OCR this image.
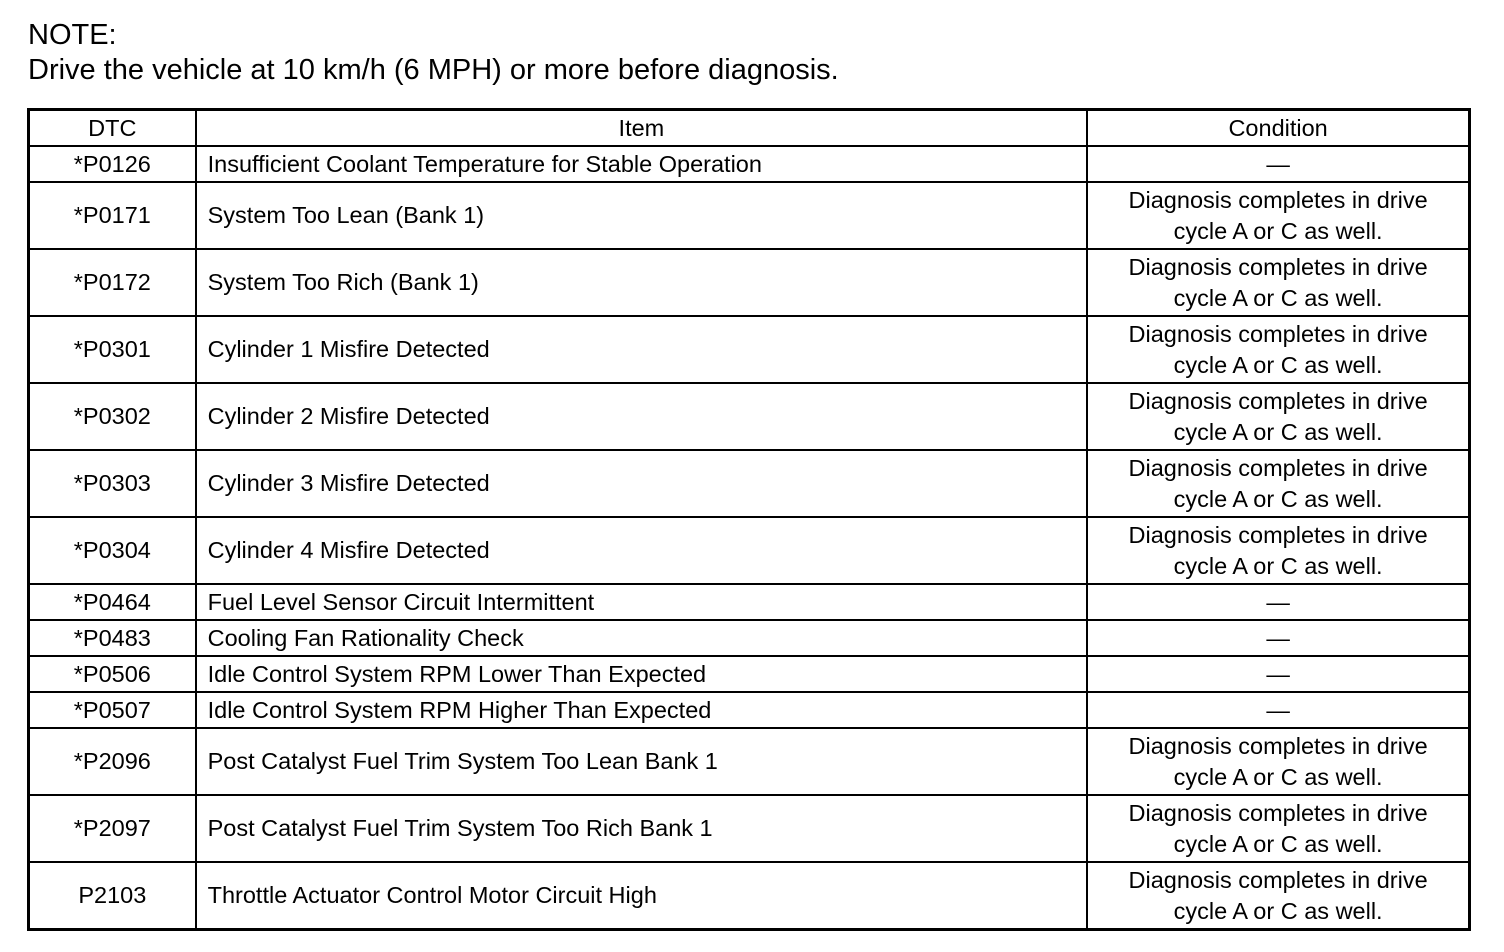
NOTE:
Drive the vehicle at 10 km/h (6 MPH) or more before diagnosis.
DTC	Item	Condition
*P0126	Insufficient Coolant Temperature for Stable Operation	—
*P0171	System Too Lean (Bank 1)	Diagnosis completes in drive
cycle A or C as well.
*P0172	System Too Rich (Bank 1)	Diagnosis completes in drive
cycle A or C as well.
*P0301	Cylinder 1 Misfire Detected	Diagnosis completes in drive
cycle A or C as well.
*P0302	Cylinder 2 Misfire Detected	Diagnosis completes in drive
cycle A or C as well.
*P0303	Cylinder 3 Misfire Detected	Diagnosis completes in drive
cycle A or C as well.
*P0304	Cylinder 4 Misfire Detected	Diagnosis completes in drive
cycle A or C as well.
*P0464	Fuel Level Sensor Circuit Intermittent	—
*P0483	Cooling Fan Rationality Check	—
*P0506	Idle Control System RPM Lower Than Expected	—
*P0507	Idle Control System RPM Higher Than Expected	—
*P2096	Post Catalyst Fuel Trim System Too Lean Bank 1	Diagnosis completes in drive
cycle A or C as well.
*P2097	Post Catalyst Fuel Trim System Too Rich Bank 1	Diagnosis completes in drive
cycle A or C as well.
P2103	Throttle Actuator Control Motor Circuit High	Diagnosis completes in drive
cycle A or C as well.
